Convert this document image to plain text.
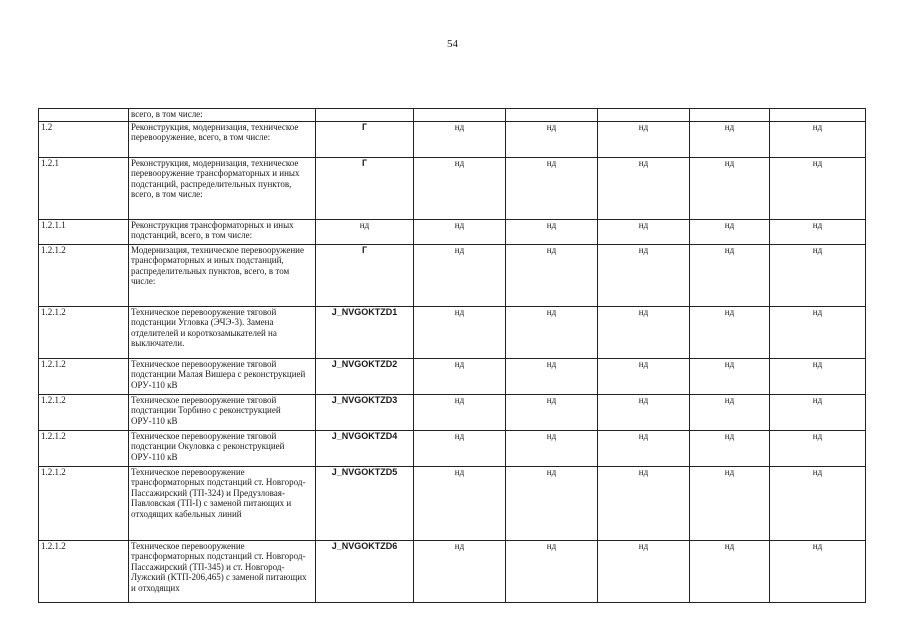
54
	всего, в том числе:						
1.2	Реконструкция, модернизация, техническое перевооружение, всего, в том числе:	Г	нд	нд	нд	нд	нд
1.2.1	Реконструкция, модернизация, техническое перевооружение трансформаторных и иных подстанций, распределительных пунктов, всего, в том числе:	Г	нд	нд	нд	нд	нд
1.2.1.1	Реконструкция трансформаторных и иных подстанций, всего, в том числе:	нд	нд	нд	нд	нд	нд
1.2.1.2	Модернизация, техническое перевооружение трансформаторных и иных подстанций, распределительных пунктов, всего, в том числе:	Г	нд	нд	нд	нд	нд
1.2.1.2	Техническое перевооружение тяговой подстанции Угловка (ЭЧЭ-3). Замена отделителей и короткозамыкателей на выключатели.	J_NVGOKTZD1	нд	нд	нд	нд	нд
1.2.1.2	Техническое перевооружение тяговой подстанции Малая Вишера с реконструкцией ОРУ-110 кВ	J_NVGOKTZD2	нд	нд	нд	нд	нд
1.2.1.2	Техническое перевооружение тяговой подстанции Торбино с реконструкцией ОРУ-110 кВ	J_NVGOKTZD3	нд	нд	нд	нд	нд
1.2.1.2	Техническое перевооружение тяговой подстанции Окуловка с реконструкцией ОРУ-110 кВ	J_NVGOKTZD4	нд	нд	нд	нд	нд
1.2.1.2	Техническое перевооружение трансформаторных подстанций ст. Новгород-Пассажирский (ТП-324) и Предузловая-Павловская (ТП-I) с заменой питающих и отходящих кабельных линий	J_NVGOKTZD5	нд	нд	нд	нд	нд
1.2.1.2	Техническое перевооружение трансформаторных подстанций ст. Новгород-Пассажирский (ТП-345) и ст. Новгород-Лужский (КТП-206,465) с заменой питающих и отходящих	J_NVGOKTZD6	нд	нд	нд	нд	нд
